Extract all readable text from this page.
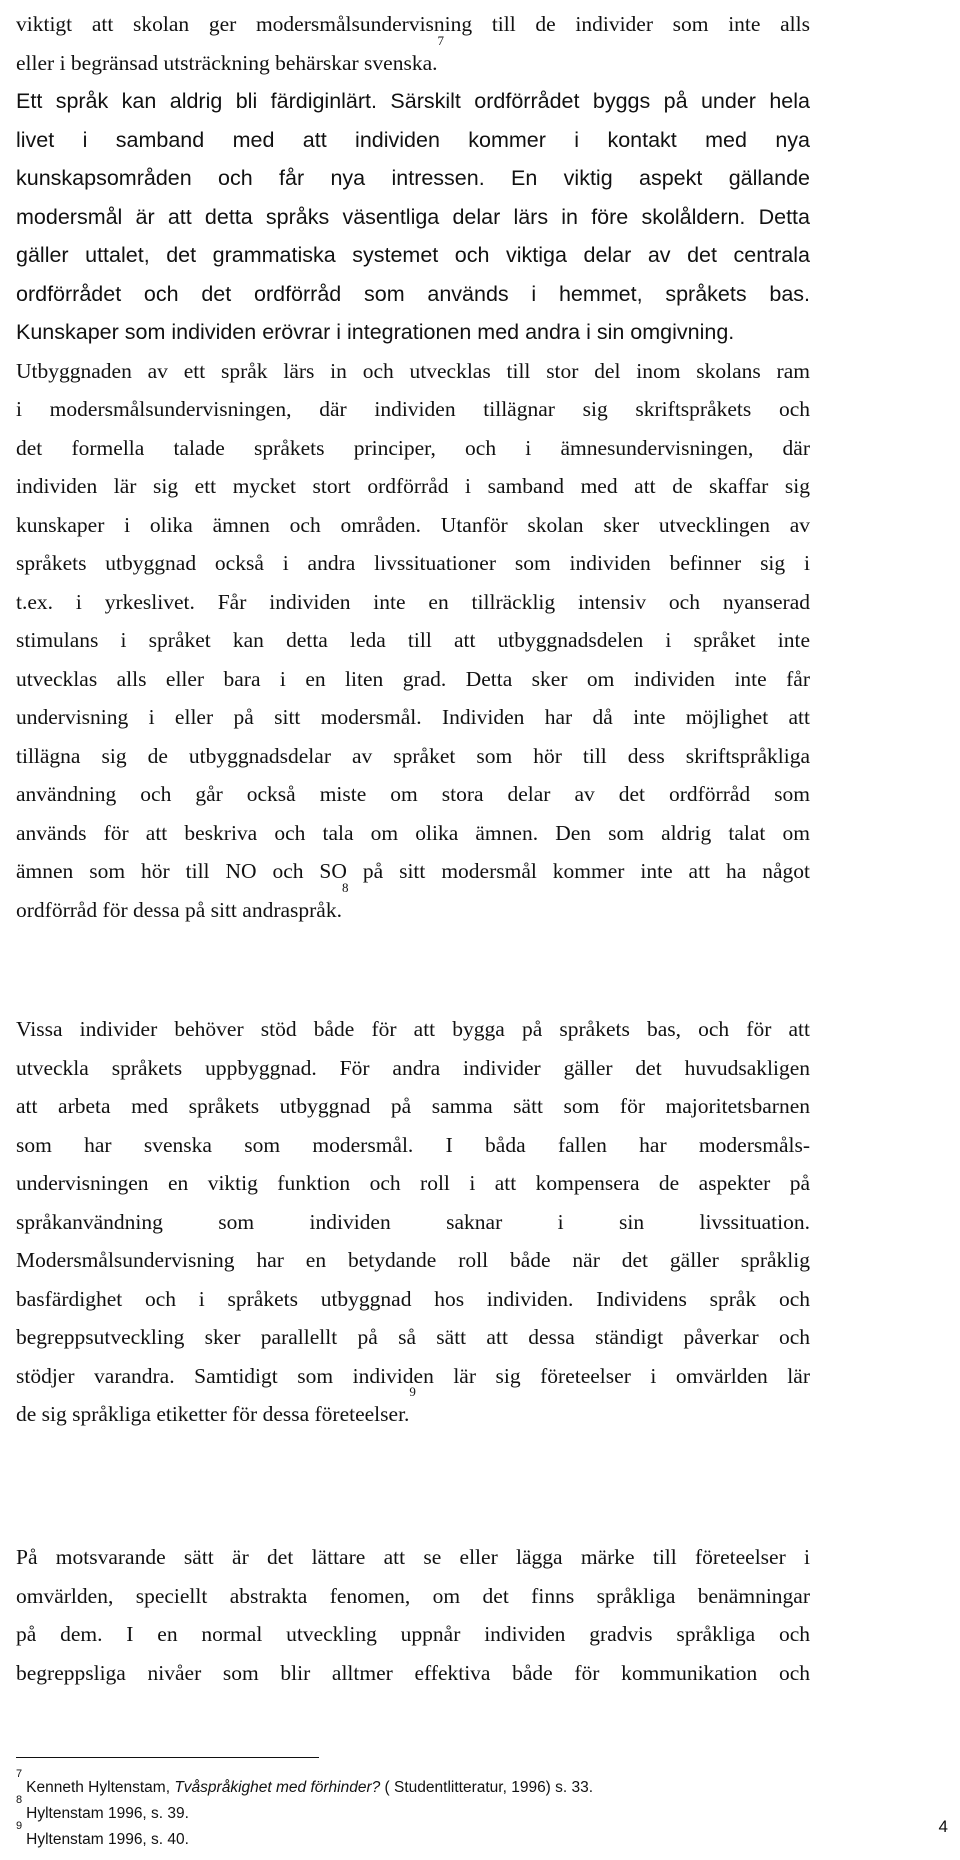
viktigt att skolan ger modersmålsundervisning till de individer som inte alls
eller i begränsad utsträckning behärskar svenska.$^7$
Ett språk kan aldrig bli färdiginlärt. Särskilt ordförrådet byggs på under hela
livet i samband med att individen kommer i kontakt med nya
kunskapsområden och får nya intressen. En viktig aspekt gällande
modersmål är att detta språks väsentliga delar lärs in före skolåldern. Detta
gäller uttalet, det grammatiska systemet och viktiga delar av det centrala
ordförrådet och det ordförråd som används i hemmet, språkets bas.
Kunskaper som individen erövrar i integrationen med andra i sin omgivning.
Utbyggnaden av ett språk lärs in och utvecklas till stor del inom skolans ram
i modersmålsundervisningen, där individen tillägnar sig skriftspråkets och
det formella talade språkets principer, och i ämnesundervisningen, där
individen lär sig ett mycket stort ordförråd i samband med att de skaffar sig
kunskaper i olika ämnen och områden. Utanför skolan sker utvecklingen av
språkets utbyggnad också i andra livssituationer som individen befinner sig i
t.ex. i yrkeslivet. Får individen inte en tillräcklig intensiv och nyanserad
stimulans i språket kan detta leda till att utbyggnadsdelen i språket inte
utvecklas alls eller bara i en liten grad. Detta sker om individen inte får
undervisning i eller på sitt modersmål. Individen har då inte möjlighet att
tillägna sig de utbyggnadsdelar av språket som hör till dess skriftspråkliga
användning och går också miste om stora delar av det ordförråd som
används för att beskriva och tala om olika ämnen. Den som aldrig talat om
ämnen som hör till NO och SO på sitt modersmål kommer inte att ha något
ordförråd för dessa på sitt andraspråk.$^8$
Vissa individer behöver stöd både för att bygga på språkets bas, och för att
utveckla språkets uppbyggnad. För andra individer gäller det huvudsakligen
att arbeta med språkets utbyggnad på samma sätt som för majoritetsbarnen
som har svenska som modersmål. I båda fallen har modersmåls-
undervisningen en viktig funktion och roll i att kompensera de aspekter på
språkanvändning som individen saknar i sin livssituation.
Modersmålsundervisning har en betydande roll både när det gäller språklig
basfärdighet och i språkets utbyggnad hos individen. Individens språk och
begreppsutveckling sker parallellt på så sätt att dessa ständigt påverkar och
stödjer varandra. Samtidigt som individen lär sig företeelser i omvärlden lär
de sig språkliga etiketter för dessa företeelser.$^9$
På motsvarande sätt är det lättare att se eller lägga märke till företeelser i
omvärlden, speciellt abstrakta fenomen, om det finns språkliga benämningar
på dem. I en normal utveckling uppnår individen gradvis språkliga och
begreppsliga nivåer som blir alltmer effektiva både för kommunikation och
$^7$Kenneth Hyltenstam, Tvåspråkighet med förhinder? ( Studentlitteratur, 1996) s. 33.
$^8$Hyltenstam 1996, s. 39.
$^9$Hyltenstam 1996, s. 40.
4
